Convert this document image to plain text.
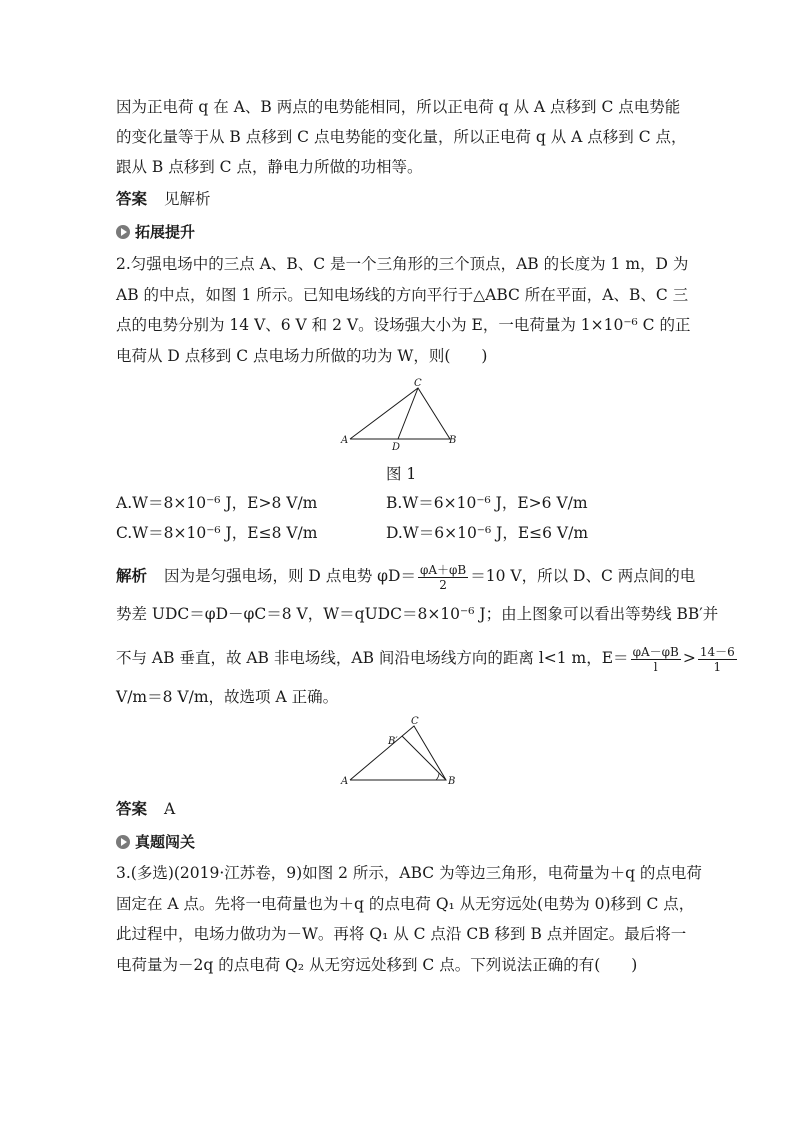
因为正电荷 q 在 A、B 两点的电势能相同，所以正电荷 q 从 A 点移到 C 点电势能
的变化量等于从 B 点移到 C 点电势能的变化量，所以正电荷 q 从 A 点移到 C 点，
跟从 B 点移到 C 点，静电力所做的功相等。
答案 见解析
拓展提升
2.匀强电场中的三点 A、B、C 是一个三角形的三个顶点，AB 的长度为 1 m，D 为
AB 的中点，如图 1 所示。已知电场线的方向平行于△ABC 所在平面，A、B、C 三
点的电势分别为 14 V、6 V 和 2 V。设场强大小为 E，一电荷量为 1×10⁻⁶ C 的正
电荷从 D 点移到 C 点电场力所做的功为 W，则(　　)
A
C
B
D
图 1
A.W＝8×10⁻⁶ J，E>8 V/m	B.W＝6×10⁻⁶ J，E>6 V/m
C.W＝8×10⁻⁶ J，E≤8 V/m	D.W＝6×10⁻⁶ J，E≤6 V/m
解析 因为是匀强电场，则 D 点电势 $\varphi D= \frac{\varphi A+\varphi B}{2} =10$ V，所以 D、C 两点间的电
势差 UDC＝φD－φC＝8 V，W＝qUDC＝8×10⁻⁶ J；由上图象可以看出等势线 BB′并
不与 AB 垂直，故 AB 非电场线，AB 间沿电场线方向的距离 l<1 m，$E= \frac{\varphi A-\varphi B}{l} > \frac{14-6}{1}$
V/m＝8 V/m，故选项 A 正确。
A
C
B
B′
答案 A
真题闯关
3.(多选)(2019·江苏卷，9)如图 2 所示，ABC 为等边三角形，电荷量为＋q 的点电荷
固定在 A 点。先将一电荷量也为＋q 的点电荷 Q₁ 从无穷远处(电势为 0)移到 C 点，
此过程中，电场力做功为－W。再将 Q₁ 从 C 点沿 CB 移到 B 点并固定。最后将一
电荷量为－2q 的点电荷 Q₂ 从无穷远处移到 C 点。下列说法正确的有(　　)
